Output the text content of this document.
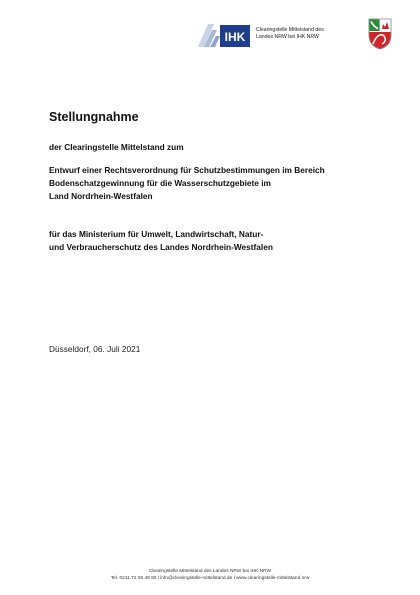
IHK Clearingstelle Mittelstand des
Landes NRW bei IHK NRW
Stellungnahme
der Clearingstelle Mittelstand zum
Entwurf einer Rechtsverordnung für Schutzbestimmungen im Bereich
Bodenschatzgewinnung für die Wasserschutzgebiete im
Land Nordrhein-Westfalen
für das Ministerium für Umwelt, Landwirtschaft, Natur-
und Verbraucherschutz des Landes Nordrhein-Westfalen
Düsseldorf, 06. Juli 2021
Clearingstelle Mittelstand des Landes NRW bei IHK NRW
Tel. 0211.71 06 48 90 l info@clearingstelle-mittelstand.de l www.clearingstelle-mittelstand.nrw
